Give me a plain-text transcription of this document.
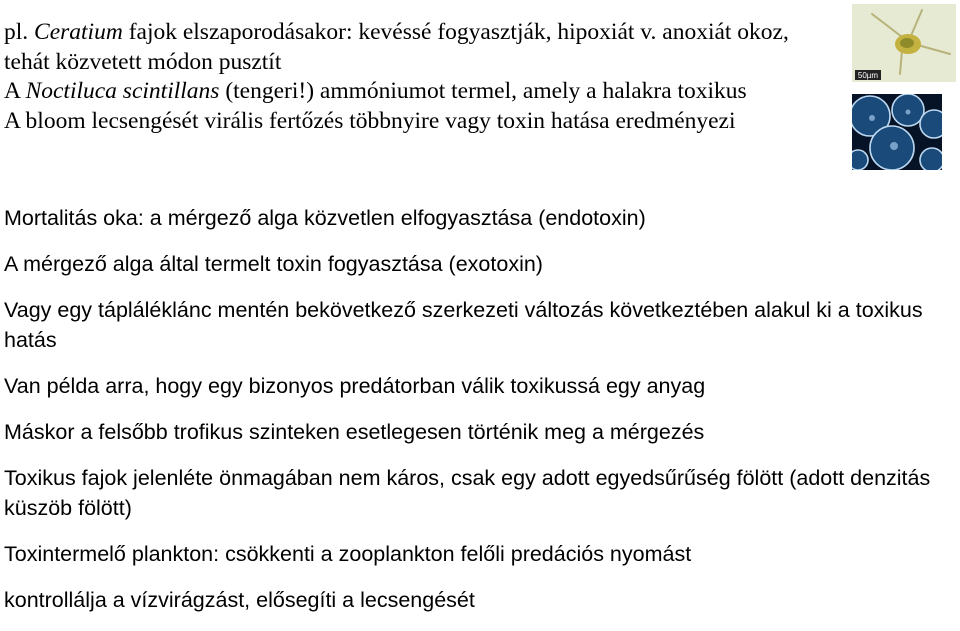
pl. Ceratium fajok elszaporodásakor: kevéssé fogyasztják, hipoxiát v. anoxiát okoz,
tehát közvetett módon pusztít
A Noctiluca scintillans (tengeri!) ammóniumot termel, amely a halakra toxikus
A bloom lecsengését virális fertőzés többnyire vagy toxin hatása eredményezi
50µm

Mortalitás oka: a mérgező alga közvetlen elfogyasztása (endotoxin)

A mérgező alga által termelt toxin fogyasztása (exotoxin)

Vagy egy tápláléklánc mentén bekövetkező szerkezeti változás következtében alakul ki a toxikus hatás

Van példa arra, hogy egy bizonyos predátorban válik toxikussá egy anyag

Máskor a felsőbb trofikus szinteken esetlegesen történik meg a mérgezés

Toxikus fajok jelenléte önmagában nem káros, csak egy adott egyedsűrűség fölött (adott denzitás küszöb fölött)

Toxintermelő plankton: csökkenti a zooplankton felőli predációs nyomást

kontrollálja a vízvirágzást, elősegíti a lecsengését
